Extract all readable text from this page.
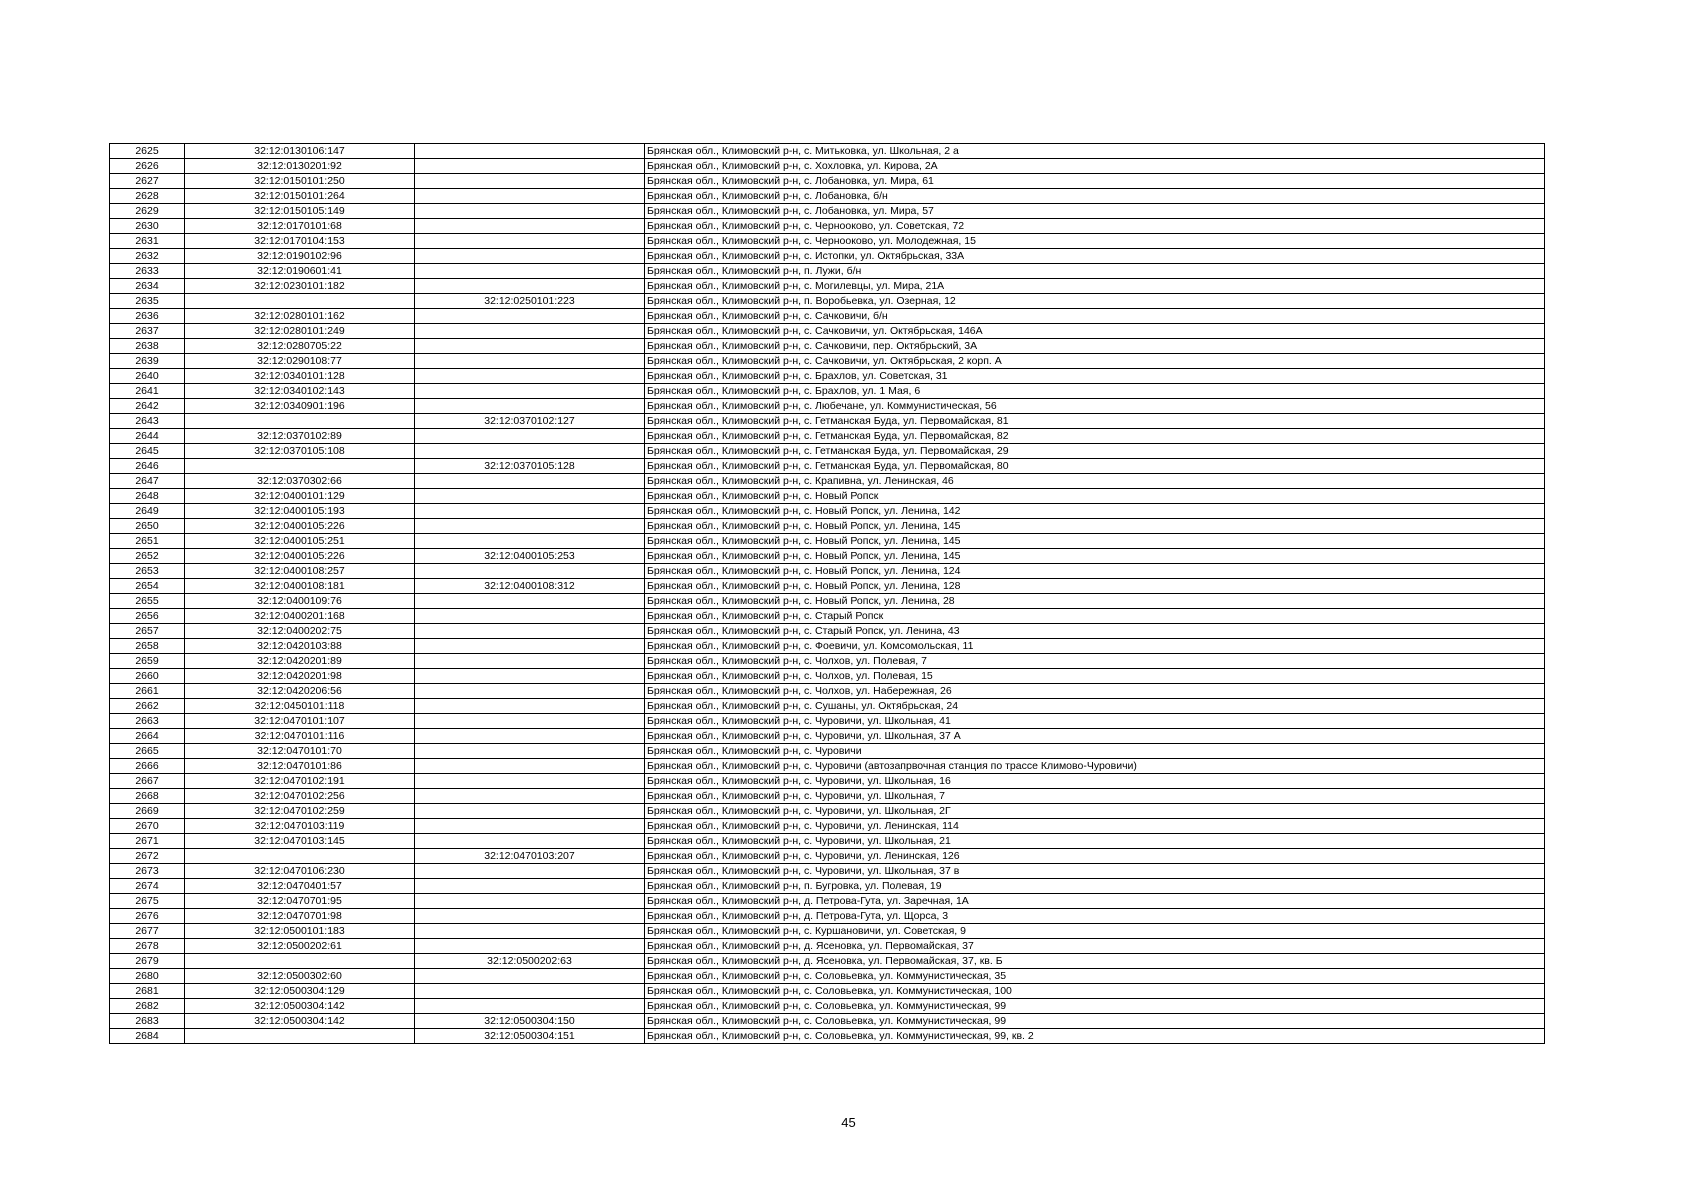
2625	32:12:0130106:147		Брянская обл., Климовский р-н, с. Митьковка, ул. Школьная, 2 а
2626	32:12:0130201:92		Брянская обл., Климовский р-н, с. Хохловка, ул. Кирова, 2А
2627	32:12:0150101:250		Брянская обл., Климовский р-н, с. Лобановка, ул. Мира, 61
2628	32:12:0150101:264		Брянская обл., Климовский р-н, с. Лобановка, б/н
2629	32:12:0150105:149		Брянская обл., Климовский р-н, с. Лобановка, ул. Мира, 57
2630	32:12:0170101:68		Брянская обл., Климовский р-н, с. Чернооково, ул. Советская, 72
2631	32:12:0170104:153		Брянская обл., Климовский р-н, с. Чернооково, ул. Молодежная, 15
2632	32:12:0190102:96		Брянская обл., Климовский р-н, с. Истопки, ул. Октябрьская, 33А
2633	32:12:0190601:41		Брянская обл., Климовский р-н, п. Лужи, б/н
2634	32:12:0230101:182		Брянская обл., Климовский р-н, с. Могилевцы, ул. Мира, 21А
2635		32:12:0250101:223	Брянская обл., Климовский р-н, п. Воробьевка, ул. Озерная, 12
2636	32:12:0280101:162		Брянская обл., Климовский р-н, с. Сачковичи, б/н
2637	32:12:0280101:249		Брянская обл., Климовский р-н, с. Сачковичи, ул. Октябрьская, 146А
2638	32:12:0280705:22		Брянская обл., Климовский р-н, с. Сачковичи, пер. Октябрьский, 3А
2639	32:12:0290108:77		Брянская обл., Климовский р-н, с. Сачковичи, ул. Октябрьская, 2 корп. А
2640	32:12:0340101:128		Брянская обл., Климовский р-н, с. Брахлов, ул. Советская, 31
2641	32:12:0340102:143		Брянская обл., Климовский р-н, с. Брахлов, ул. 1 Мая, 6
2642	32:12:0340901:196		Брянская обл., Климовский р-н, с. Любечане, ул. Коммунистическая, 56
2643		32:12:0370102:127	Брянская обл., Климовский р-н, с. Гетманская Буда, ул. Первомайская, 81
2644	32:12:0370102:89		Брянская обл., Климовский р-н, с. Гетманская Буда, ул. Первомайская, 82
2645	32:12:0370105:108		Брянская обл., Климовский р-н, с. Гетманская Буда, ул. Первомайская, 29
2646		32:12:0370105:128	Брянская обл., Климовский р-н, с. Гетманская Буда, ул. Первомайская, 80
2647	32:12:0370302:66		Брянская обл., Климовский р-н, с. Крапивна, ул. Ленинская, 46
2648	32:12:0400101:129		Брянская обл., Климовский р-н, с. Новый Ропск
2649	32:12:0400105:193		Брянская обл., Климовский р-н, с. Новый Ропск, ул. Ленина, 142
2650	32:12:0400105:226		Брянская обл., Климовский р-н, с. Новый Ропск, ул. Ленина, 145
2651	32:12:0400105:251		Брянская обл., Климовский р-н, с. Новый Ропск, ул. Ленина, 145
2652	32:12:0400105:226	32:12:0400105:253	Брянская обл., Климовский р-н, с. Новый Ропск, ул. Ленина, 145
2653	32:12:0400108:257		Брянская обл., Климовский р-н, с. Новый Ропск, ул. Ленина, 124
2654	32:12:0400108:181	32:12:0400108:312	Брянская обл., Климовский р-н, с. Новый Ропск, ул. Ленина, 128
2655	32:12:0400109:76		Брянская обл., Климовский р-н, с. Новый Ропск, ул. Ленина, 28
2656	32:12:0400201:168		Брянская обл., Климовский р-н, с. Старый Ропск
2657	32:12:0400202:75		Брянская обл., Климовский р-н, с. Старый Ропск, ул. Ленина, 43
2658	32:12:0420103:88		Брянская обл., Климовский р-н, с. Фоевичи, ул. Комсомольская, 11
2659	32:12:0420201:89		Брянская обл., Климовский р-н, с. Чолхов, ул. Полевая, 7
2660	32:12:0420201:98		Брянская обл., Климовский р-н, с. Чолхов, ул. Полевая, 15
2661	32:12:0420206:56		Брянская обл., Климовский р-н, с. Чолхов, ул. Набережная, 26
2662	32:12:0450101:118		Брянская обл., Климовский р-н, с. Сушаны, ул. Октябрьская, 24
2663	32:12:0470101:107		Брянская обл., Климовский р-н, с. Чуровичи, ул. Школьная, 41
2664	32:12:0470101:116		Брянская обл., Климовский р-н, с. Чуровичи, ул. Школьная, 37 А
2665	32:12:0470101:70		Брянская обл., Климовский р-н, с. Чуровичи
2666	32:12:0470101:86		Брянская обл., Климовский р-н, с. Чуровичи (автозапрвочная станция по трассе Климово-Чуровичи)
2667	32:12:0470102:191		Брянская обл., Климовский р-н, с. Чуровичи, ул. Школьная, 16
2668	32:12:0470102:256		Брянская обл., Климовский р-н, с. Чуровичи, ул. Школьная, 7
2669	32:12:0470102:259		Брянская обл., Климовский р-н, с. Чуровичи, ул. Школьная, 2Г
2670	32:12:0470103:119		Брянская обл., Климовский р-н, с. Чуровичи, ул. Ленинская, 114
2671	32:12:0470103:145		Брянская обл., Климовский р-н, с. Чуровичи, ул. Школьная, 21
2672		32:12:0470103:207	Брянская обл., Климовский р-н, с. Чуровичи, ул. Ленинская, 126
2673	32:12:0470106:230		Брянская обл., Климовский р-н, с. Чуровичи, ул. Школьная, 37 в
2674	32:12:0470401:57		Брянская обл., Климовский р-н, п. Бугровка, ул. Полевая, 19
2675	32:12:0470701:95		Брянская обл., Климовский р-н, д. Петрова-Гута, ул. Заречная, 1А
2676	32:12:0470701:98		Брянская обл., Климовский р-н, д. Петрова-Гута, ул. Щорса, 3
2677	32:12:0500101:183		Брянская обл., Климовский р-н, с. Куршановичи, ул. Советская, 9
2678	32:12:0500202:61		Брянская обл., Климовский р-н, д. Ясеновка, ул. Первомайская, 37
2679		32:12:0500202:63	Брянская обл., Климовский р-н, д. Ясеновка, ул. Первомайская, 37, кв. Б
2680	32:12:0500302:60		Брянская обл., Климовский р-н, с. Соловьевка, ул. Коммунистическая, 35
2681	32:12:0500304:129		Брянская обл., Климовский р-н, с. Соловьевка, ул. Коммунистическая, 100
2682	32:12:0500304:142		Брянская обл., Климовский р-н, с. Соловьевка, ул. Коммунистическая, 99
2683	32:12:0500304:142	32:12:0500304:150	Брянская обл., Климовский р-н, с. Соловьевка, ул. Коммунистическая, 99
2684		32:12:0500304:151	Брянская обл., Климовский р-н, с. Соловьевка, ул. Коммунистическая, 99, кв. 2
45
